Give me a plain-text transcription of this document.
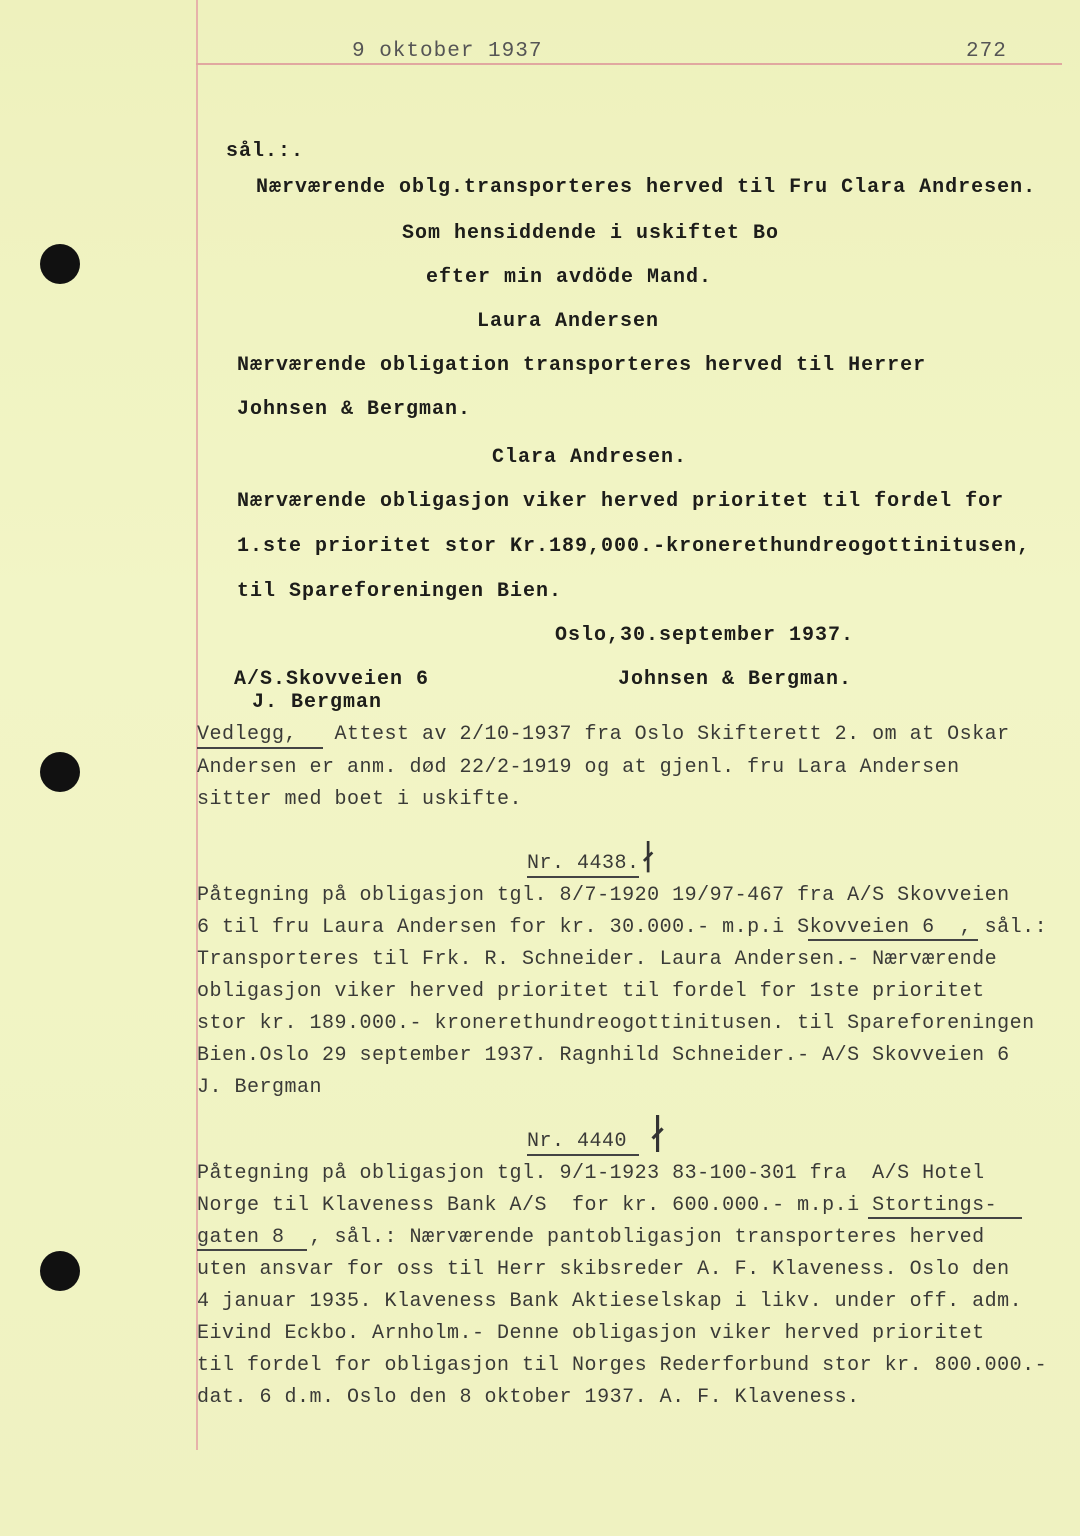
9 oktober 1937	272
sål.:.
Nærværende oblg.transporteres herved til Fru Clara Andresen.
Som hensiddende i uskiftet Bo
efter min avdöde Mand.
Laura Andersen
Nærværende obligation transporteres herved til Herrer
Johnsen & Bergman.
Clara Andresen.
Nærværende obligasjon viker herved prioritet til fordel for
1.ste prioritet stor Kr.189,000.-kronerethundreogottinitusen,
til Spareforeningen Bien.
Oslo,30.september 1937.
A/S.Skovveien 6
J. Bergman
Johnsen & Bergman.
Vedlegg,   Attest av 2/10-1937 fra Oslo Skifterett 2. om at Oskar
Andersen er anm. død 22/2-1919 og at gjenl. fru Lara Andersen
sitter med boet i uskifte.
Nr. 4438. ∤
Påtegning på obligasjon tgl. 8/7-1920 19/97-467 fra A/S Skovveien
6 til fru Laura Andersen for kr. 30.000.- m.p.i Skovveien 6  , sål.:
Transporteres til Frk. R. Schneider. Laura Andersen.- Nærværende
obligasjon viker herved prioritet til fordel for 1ste prioritet
stor kr. 189.000.- kronerethundreogottinitusen. til Spareforeningen
Bien.Oslo 29 september 1937. Ragnhild Schneider.- A/S Skovveien 6
J. Bergman
Nr. 4440 ∤
Påtegning på obligasjon tgl. 9/1-1923 83-100-301 fra  A/S Hotel
Norge til Klaveness Bank A/S  for kr. 600.000.- m.p.i Stortings-
gaten 8  , sål.: Nærværende pantobligasjon transporteres herved
uten ansvar for oss til Herr skibsreder A. F. Klaveness. Oslo den
4 januar 1935. Klaveness Bank Aktieselskap i likv. under off. adm.
Eivind Eckbo. Arnholm.- Denne obligasjon viker herved prioritet
til fordel for obligasjon til Norges Rederforbund stor kr. 800.000.-
dat. 6 d.m. Oslo den 8 oktober 1937. A. F. Klaveness.
